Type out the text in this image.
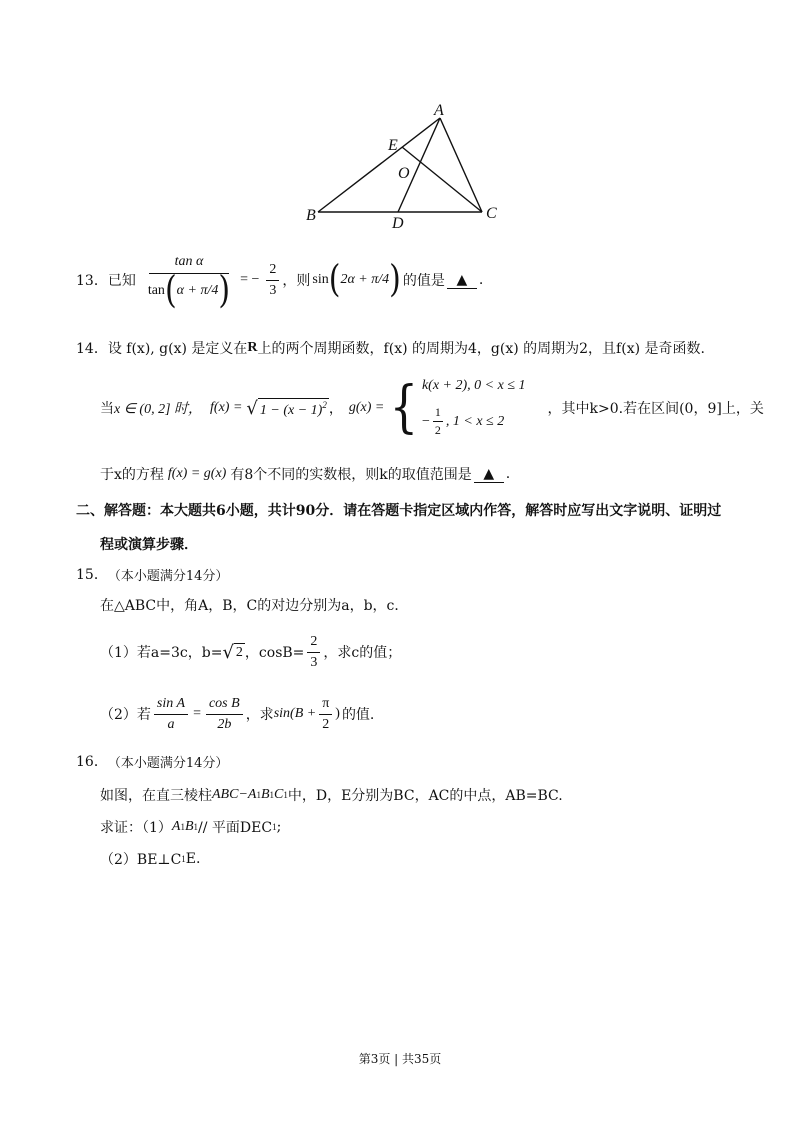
A
E
O
B	D
C
13． 已知 $\frac{\text{tan α}}{\tan ( \alpha + \pi/4 )}$ = − $\frac{2}{3}$ ，则 sin ( 2α + π/4 ) 的值是 ▲ .
14． 设 f(x), g(x) 是定义在 R 上的两个周期函数， f(x) 的周期为4， g(x) 的周期为2，且 f(x) 是奇函数.
当 x ∈ (0, 2] 时， f(x) = √ $1 - (x - 1)^2$ ， g(x) = { k(x + 2), 0 < x ≤ 1
− $\frac{1}{2}$ , 1 < x ≤ 2
，其中k>0.若在区间(0，9]上，关
于x的方程 f(x) = g(x) 有8个不同的实数根，则k的取值范围是 ▲ .
二、解答题：本大题共6小题，共计90分．请在答题卡指定区域内作答，解答时应写出文字说明、证明过
程或演算步骤．
15． （本小题满分14分）
在△ABC中，角A，B，C的对边分别为a，b，c．
（1）若a=3c，b= √ 2 ，$\cos B= \frac{2}{3}$ ，求c的值；
（2）若 $\frac{\text{sin A}}{a} = \frac{\text{cos B}}{2b}$ ，求 $\sin(B + \frac{\pi}{2}$ ) 的值.
16． （本小题满分14分）
如图，在直三棱柱 ABC−A 1 B 1 C 1 中，D，E分别为BC，AC的中点，AB=BC.
求证：（1） A 1 B 1 // 平面DEC 1 ;
（2）BE⊥C 1 E.
第3页 | 共35页
